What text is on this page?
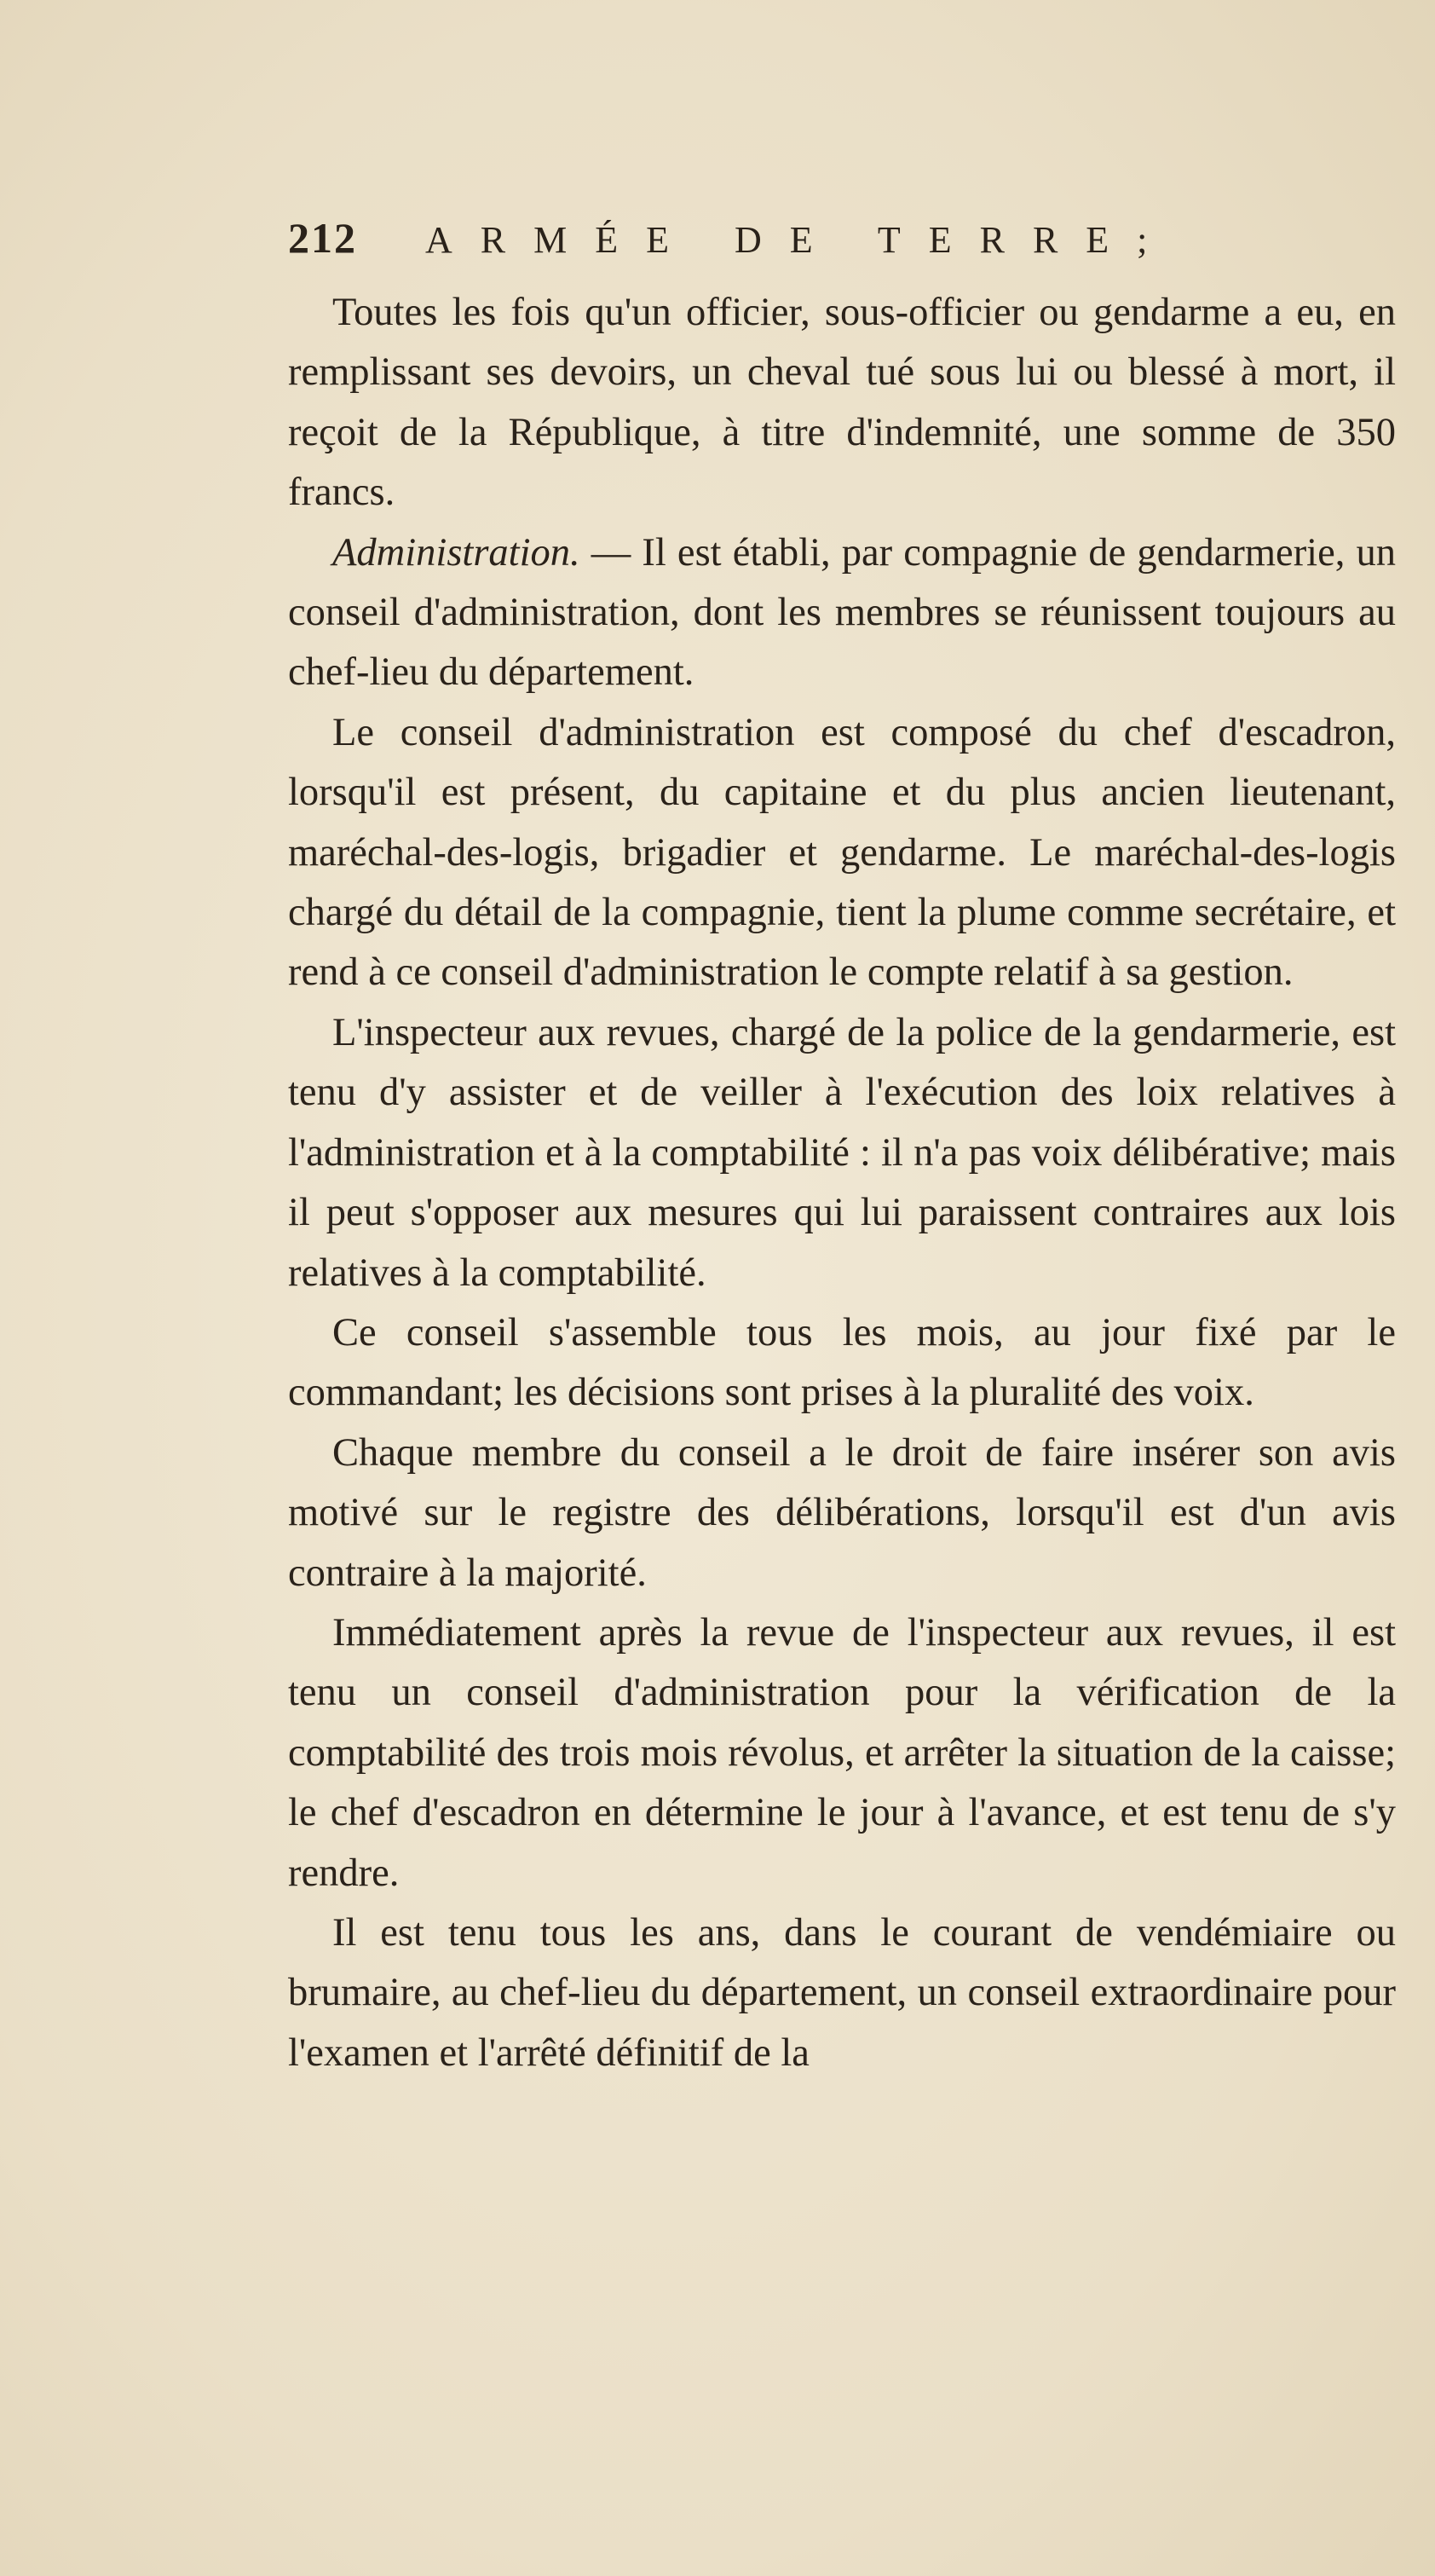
212 ARMÉE DE TERRE;

Toutes les fois qu'un officier, sous-officier ou gendarme a eu, en remplissant ses devoirs, un cheval tué sous lui ou blessé à mort, il reçoit de la République, à titre d'indemnité, une somme de 350 francs.

Administration. — Il est établi, par compagnie de gendarmerie, un conseil d'administration, dont les membres se réunissent toujours au chef-lieu du département.

Le conseil d'administration est composé du chef d'escadron, lorsqu'il est présent, du capitaine et du plus ancien lieutenant, maréchal-des-logis, brigadier et gendarme. Le maréchal-des-logis chargé du détail de la compagnie, tient la plume comme secrétaire, et rend à ce conseil d'administration le compte relatif à sa gestion.

L'inspecteur aux revues, chargé de la police de la gendarmerie, est tenu d'y assister et de veiller à l'exécution des loix relatives à l'administration et à la comptabilité : il n'a pas voix délibérative; mais il peut s'opposer aux mesures qui lui paraissent contraires aux lois relatives à la comptabilité.

Ce conseil s'assemble tous les mois, au jour fixé par le commandant; les décisions sont prises à la pluralité des voix.

Chaque membre du conseil a le droit de faire insérer son avis motivé sur le registre des délibérations, lorsqu'il est d'un avis contraire à la majorité.

Immédiatement après la revue de l'inspecteur aux revues, il est tenu un conseil d'administration pour la vérification de la comptabilité des trois mois révolus, et arrêter la situation de la caisse; le chef d'escadron en détermine le jour à l'avance, et est tenu de s'y rendre.

Il est tenu tous les ans, dans le courant de vendémiaire ou brumaire, au chef-lieu du département, un conseil extraordinaire pour l'examen et l'arrêté définitif de la
